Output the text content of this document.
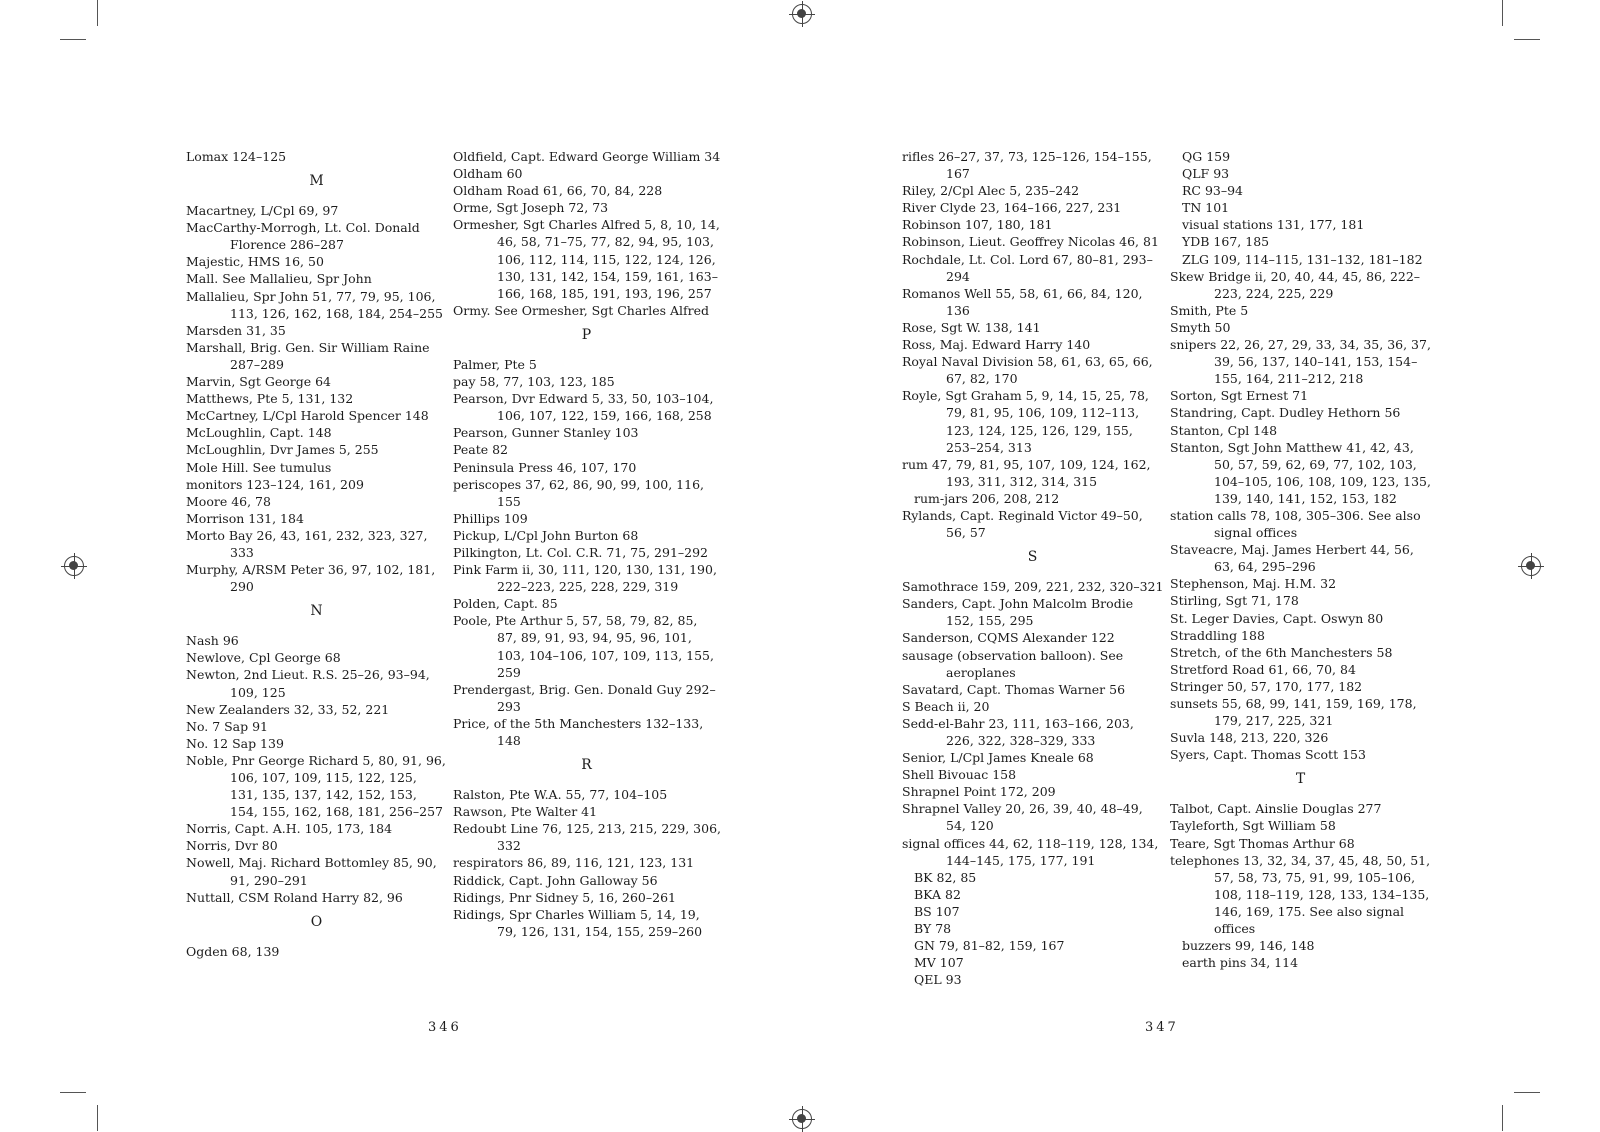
Lomax 124–125
M
Macartney, L/Cpl 69, 97
MacCarthy-Morrogh, Lt. Col. Donald Florence 286–287
Majestic, HMS 16, 50
Mall. See Mallalieu, Spr John
Mallalieu, Spr John 51, 77, 79, 95, 106, 113, 126, 162, 168, 184, 254–255
Marsden 31, 35
Marshall, Brig. Gen. Sir William Raine 287–289
Marvin, Sgt George 64
Matthews, Pte 5, 131, 132
McCartney, L/Cpl Harold Spencer 148
McLoughlin, Capt. 148
McLoughlin, Dvr James 5, 255
Mole Hill. See tumulus
monitors 123–124, 161, 209
Moore 46, 78
Morrison 131, 184
Morto Bay 26, 43, 161, 232, 323, 327, 333
Murphy, A/RSM Peter 36, 97, 102, 181, 290
N
Nash 96
Newlove, Cpl George 68
Newton, 2nd Lieut. R.S. 25–26, 93–94, 109, 125
New Zealanders 32, 33, 52, 221
No. 7 Sap 91
No. 12 Sap 139
Noble, Pnr George Richard 5, 80, 91, 96, 106, 107, 109, 115, 122, 125, 131, 135, 137, 142, 152, 153, 154, 155, 162, 168, 181, 256–257
Norris, Capt. A.H. 105, 173, 184
Norris, Dvr 80
Nowell, Maj. Richard Bottomley 85, 90, 91, 290–291
Nuttall, CSM Roland Harry 82, 96
O
Ogden 68, 139
Oldfield, Capt. Edward George William 34
Oldham 60
Oldham Road 61, 66, 70, 84, 228
Orme, Sgt Joseph 72, 73
Ormesher, Sgt Charles Alfred 5, 8, 10, 14, 46, 58, 71–75, 77, 82, 94, 95, 103, 106, 112, 114, 115, 122, 124, 126, 130, 131, 142, 154, 159, 161, 163–166, 168, 185, 191, 193, 196, 257
Ormy. See Ormesher, Sgt Charles Alfred
P
Palmer, Pte 5
pay 58, 77, 103, 123, 185
Pearson, Dvr Edward 5, 33, 50, 103–104, 106, 107, 122, 159, 166, 168, 258
Pearson, Gunner Stanley 103
Peate 82
Peninsula Press 46, 107, 170
periscopes 37, 62, 86, 90, 99, 100, 116, 155
Phillips 109
Pickup, L/Cpl John Burton 68
Pilkington, Lt. Col. C.R. 71, 75, 291–292
Pink Farm ii, 30, 111, 120, 130, 131, 190, 222–223, 225, 228, 229, 319
Polden, Capt. 85
Poole, Pte Arthur 5, 57, 58, 79, 82, 85, 87, 89, 91, 93, 94, 95, 96, 101, 103, 104–106, 107, 109, 113, 155, 259
Prendergast, Brig. Gen. Donald Guy 292–293
Price, of the 5th Manchesters 132–133, 148
R
Ralston, Pte W.A. 55, 77, 104–105
Rawson, Pte Walter 41
Redoubt Line 76, 125, 213, 215, 229, 306, 332
respirators 86, 89, 116, 121, 123, 131
Riddick, Capt. John Galloway 56
Ridings, Pnr Sidney 5, 16, 260–261
Ridings, Spr Charles William 5, 14, 19, 79, 126, 131, 154, 155, 259–260
rifles 26–27, 37, 73, 125–126, 154–155, 167
Riley, 2/Cpl Alec 5, 235–242
River Clyde 23, 164–166, 227, 231
Robinson 107, 180, 181
Robinson, Lieut. Geoffrey Nicolas 46, 81
Rochdale, Lt. Col. Lord 67, 80–81, 293–294
Romanos Well 55, 58, 61, 66, 84, 120, 136
Rose, Sgt W. 138, 141
Ross, Maj. Edward Harry 140
Royal Naval Division 58, 61, 63, 65, 66, 67, 82, 170
Royle, Sgt Graham 5, 9, 14, 15, 25, 78, 79, 81, 95, 106, 109, 112–113, 123, 124, 125, 126, 129, 155, 253–254, 313
rum 47, 79, 81, 95, 107, 109, 124, 162, 193, 311, 312, 314, 315
rum-jars 206, 208, 212
Rylands, Capt. Reginald Victor 49–50, 56, 57
S
Samothrace 159, 209, 221, 232, 320–321
Sanders, Capt. John Malcolm Brodie 152, 155, 295
Sanderson, CQMS Alexander 122
sausage (observation balloon). See aeroplanes
Savatard, Capt. Thomas Warner 56
S Beach ii, 20
Sedd-el-Bahr 23, 111, 163–166, 203, 226, 322, 328–329, 333
Senior, L/Cpl James Kneale 68
Shell Bivouac 158
Shrapnel Point 172, 209
Shrapnel Valley 20, 26, 39, 40, 48–49, 54, 120
signal offices 44, 62, 118–119, 128, 134, 144–145, 175, 177, 191
BK 82, 85
BKA 82
BS 107
BY 78
GN 79, 81–82, 159, 167
MV 107
QEL 93
QG 159
QLF 93
RC 93–94
TN 101
visual stations 131, 177, 181
YDB 167, 185
ZLG 109, 114–115, 131–132, 181–182
Skew Bridge ii, 20, 40, 44, 45, 86, 222–223, 224, 225, 229
Smith, Pte 5
Smyth 50
snipers 22, 26, 27, 29, 33, 34, 35, 36, 37, 39, 56, 137, 140–141, 153, 154–155, 164, 211–212, 218
Sorton, Sgt Ernest 71
Standring, Capt. Dudley Hethorn 56
Stanton, Cpl 148
Stanton, Sgt John Matthew 41, 42, 43, 50, 57, 59, 62, 69, 77, 102, 103, 104–105, 106, 108, 109, 123, 135, 139, 140, 141, 152, 153, 182
station calls 78, 108, 305–306. See also signal offices
Staveacre, Maj. James Herbert 44, 56, 63, 64, 295–296
Stephenson, Maj. H.M. 32
Stirling, Sgt 71, 178
St. Leger Davies, Capt. Oswyn 80
Straddling 188
Stretch, of the 6th Manchesters 58
Stretford Road 61, 66, 70, 84
Stringer 50, 57, 170, 177, 182
sunsets 55, 68, 99, 141, 159, 169, 178, 179, 217, 225, 321
Suvla 148, 213, 220, 326
Syers, Capt. Thomas Scott 153
T
Talbot, Capt. Ainslie Douglas 277
Tayleforth, Sgt William 58
Teare, Sgt Thomas Arthur 68
telephones 13, 32, 34, 37, 45, 48, 50, 51, 57, 58, 73, 75, 91, 99, 105–106, 108, 118–119, 128, 133, 134–135, 146, 169, 175. See also signal offices
buzzers 99, 146, 148
earth pins 34, 114
346	347
